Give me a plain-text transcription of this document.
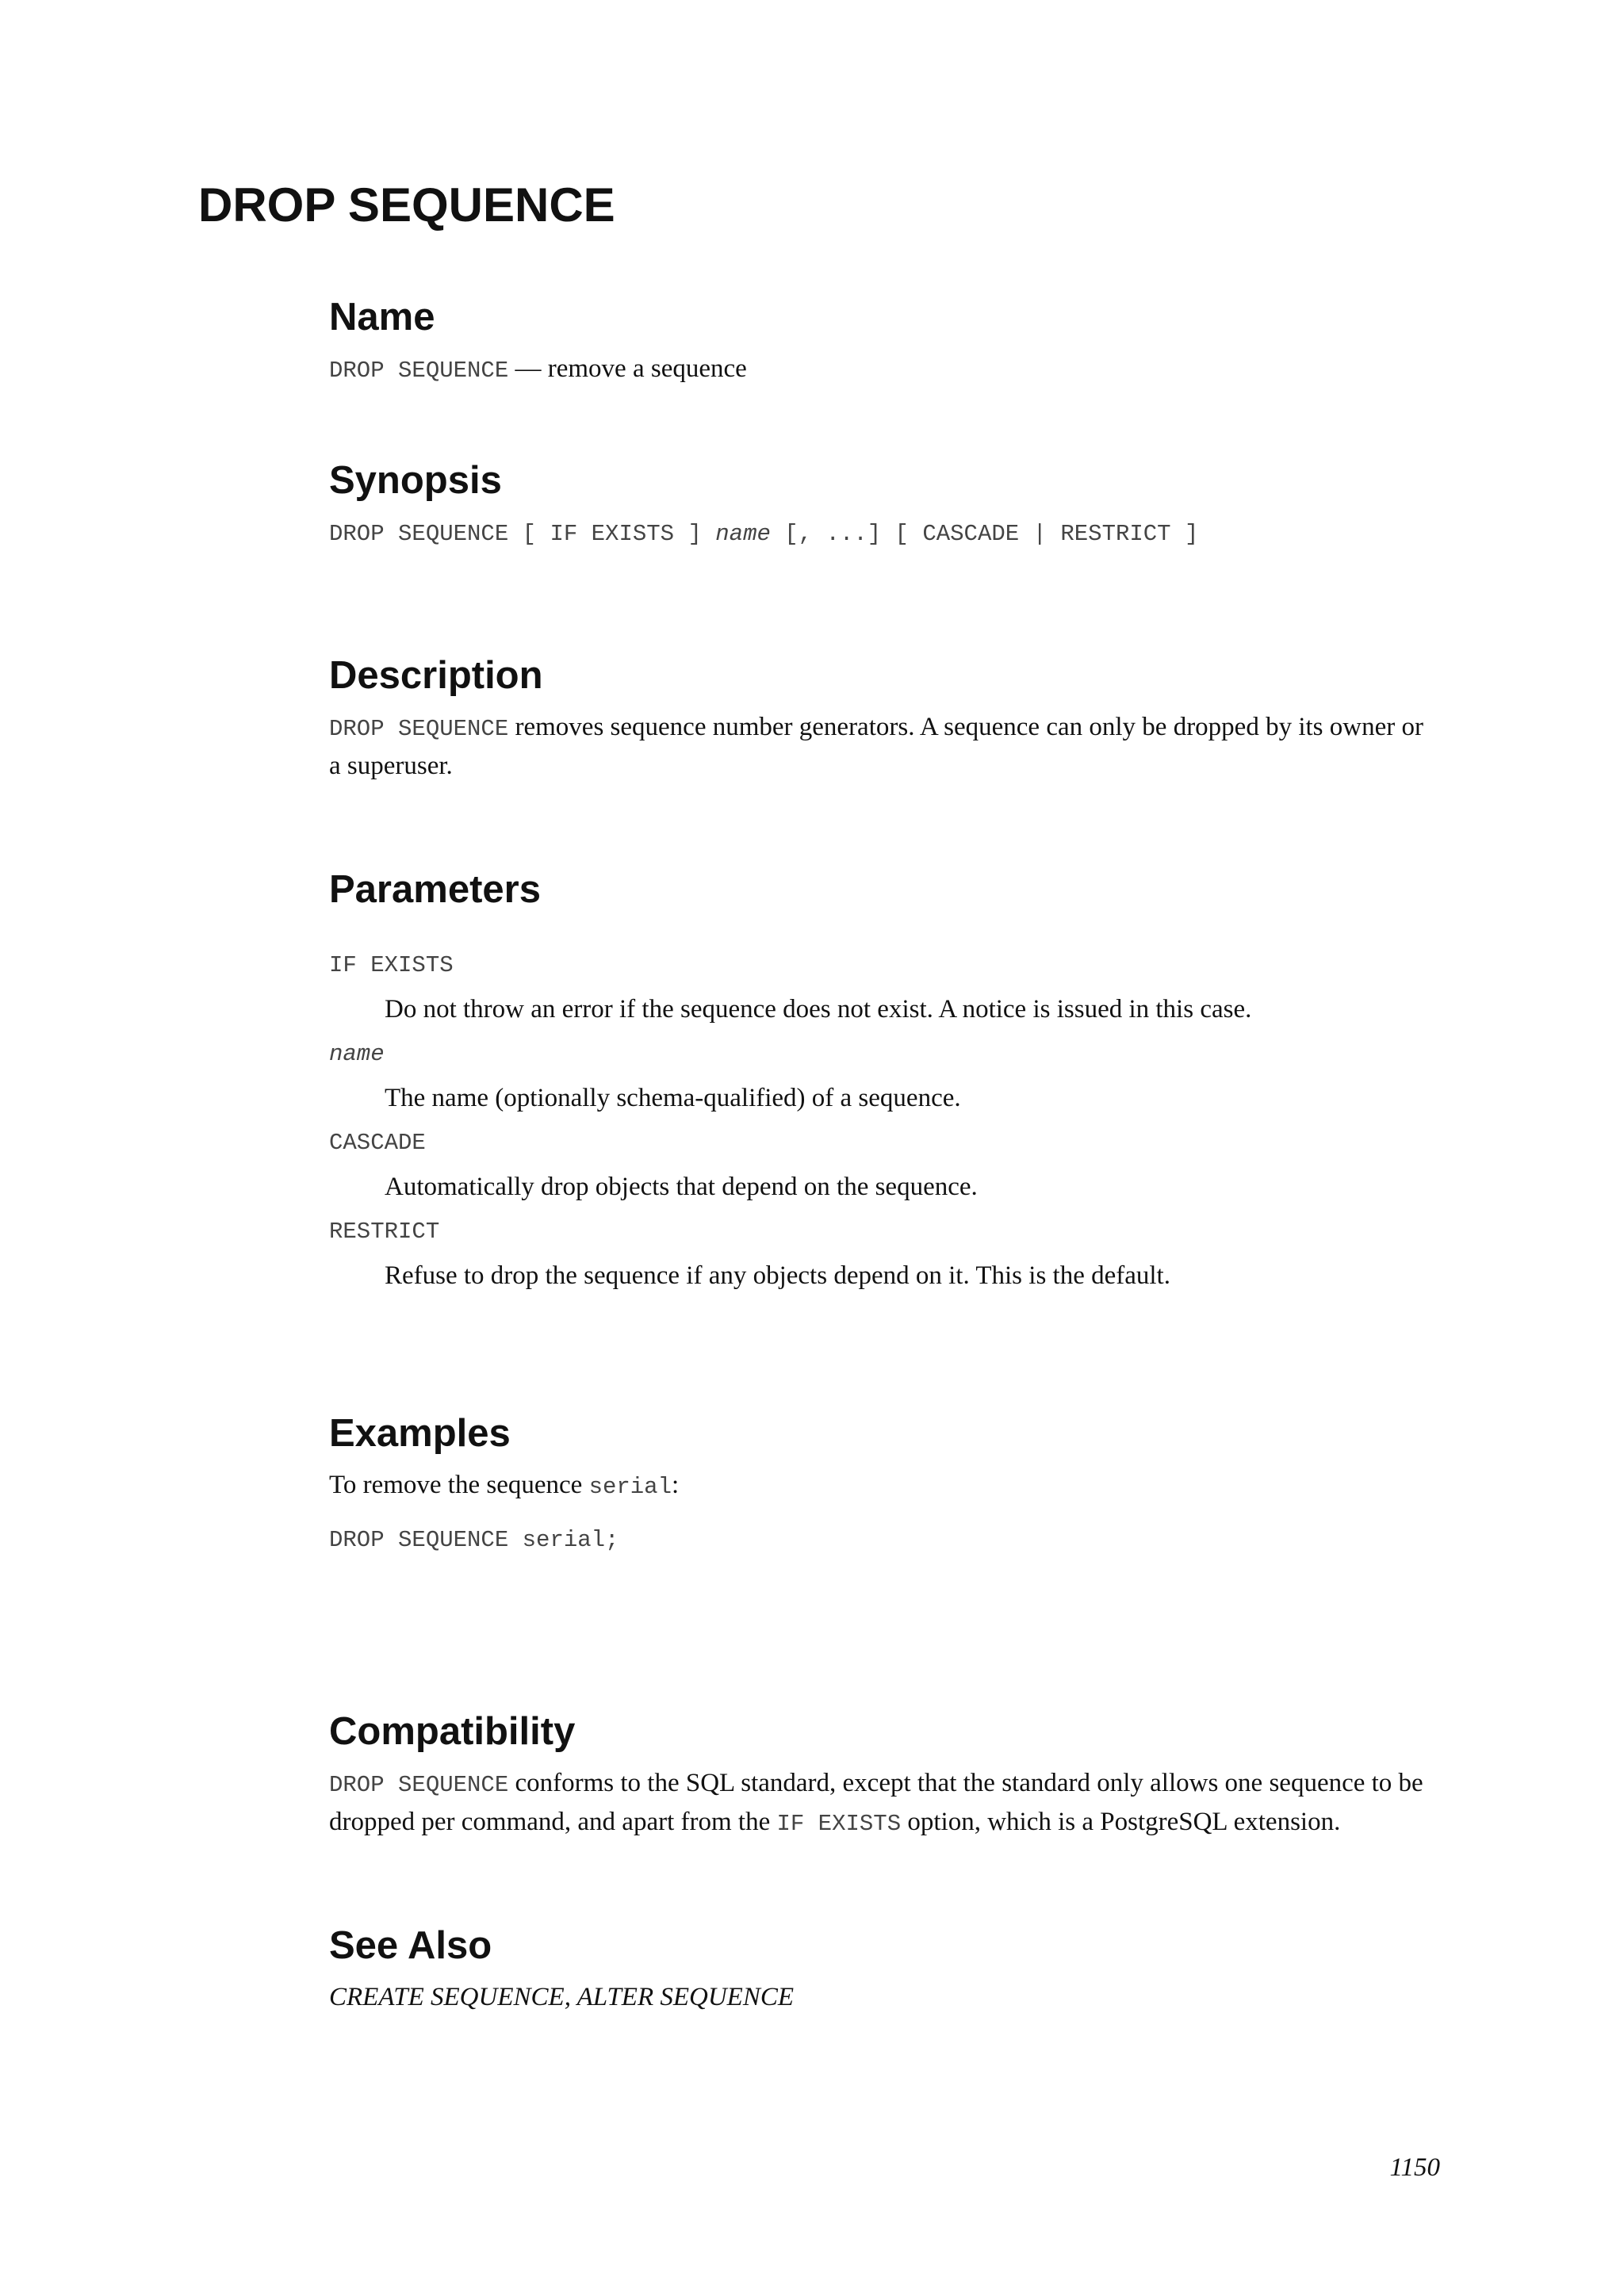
DROP SEQUENCE
Name

DROP SEQUENCE — remove a sequence

Synopsis

DROP SEQUENCE [ IF EXISTS ] name [, ...] [ CASCADE | RESTRICT ]

Description

DROP SEQUENCE removes sequence number generators. A sequence can only be dropped by its owner or a superuser.

Parameters

IF EXISTS

Do not throw an error if the sequence does not exist. A notice is issued in this case.

name

The name (optionally schema-qualified) of a sequence.

CASCADE

Automatically drop objects that depend on the sequence.

RESTRICT

Refuse to drop the sequence if any objects depend on it. This is the default.

Examples

To remove the sequence serial:

DROP SEQUENCE serial;

Compatibility

DROP SEQUENCE conforms to the SQL standard, except that the standard only allows one sequence to be dropped per command, and apart from the IF EXISTS option, which is a PostgreSQL extension.

See Also

CREATE SEQUENCE, ALTER SEQUENCE

1150
